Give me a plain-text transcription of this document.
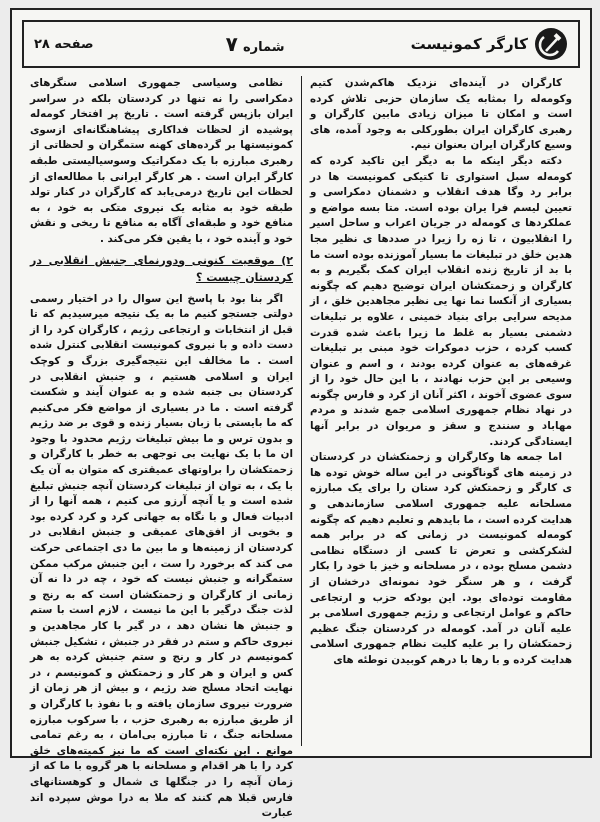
صفحه ۲۸	شماره ۷	کارگر کمونیست

کارگران در آینده‌ای نزدیک هاکم‌شدن کتیم وکومه‌له را بمثابه یک سازمان حزبی تلاش کرده است و امکان تا میزان زیادی مابین کارگران و رهبری کارگران ایران بطورکلی به وجود آمده، های وسیع کارگران ایران بعنوان نیم.

دکته دیگر اینکه ما به دیگر این تاکید کرده که کومه‌له سبل استواری تا کتیکی کمونیست ها در برابر رد وگا هدف انقلاب و دشمنان دمکراسی و تعیین لیسم فرا یران بوده است. متا بسه مواضع و عملکردها ی کومه‌له در جریان اعراب و ساحل اسیر را انقلابیون ، تا زه را زیرا در صدد‌ها ی نظیر مجا هدین خلق در تبلیغات ما بسیار آموزنده بوده است ما با بد از تاریخ زنده انقلاب ایران کمک بگیریم و به کارگران و زحمتکشان ایران توضیح دهیم که چگونه بسیاری از آنکسا نما نها یی نظیر مجاهدین خلق ، از مدیحه سرایی برای بنیاد خمینی ، علاوه بر تبلیغات دشمنی بسیار به غلط ما زیرا باعث شده قدرت کسب کرده ، حزب دموکرات خود مبنی بر تبلیغات غرقه‌های به عنوان کرده بودند ، و اسم و عنوان وسیعی بر این حزب نهادند ، با این حال خود را از سوی عضوی آخوند ، اکثر آنان از کرد و فارس چگونه در نهاد نظام جمهوری اسلامی جمع شدند و مردم مهاباد و سنندج و سقز و مریوان در برابر آنها ایستادگی کردند.

اما جمعه ها وکارگران و زحمتکشان در کردستان در زمینه های گوناگونی در این ساله خوش توده ها ی کارگر و زحمتکش کرد ستان را برای یک مبارزه مسلحانه علیه جمهوری اسلامی سازماندهی و هدایت کرده است ، ما بایدهم و تعلیم دهیم که چگونه کومه‌له کمونیست در زمانی که در برابر همه لشکرکشی و تعرض تا کسی از دستگاه نظامی دشمن مسلح بوده ، در مسلحانه و خیز با خود را بکار گرفت ، و هر سنگر خود نمونه‌ای درخشان از مقاومت توده‌ای بود. این بودکه حزب و ارتجاعی حاکم و عوامل ارتجاعی و رژیم جمهوری اسلامی بر علیه آنان در آمد. کومه‌له در کردستان جنگ عظیم زحمتکشان را بر علیه کلیت نظام جمهوری اسلامی هدایت کرده و با رها با درهم کوبیدن توطئه های

نظامی وسیاسی جمهوری اسلامی سنگرهای دمکراسی را نه تنها در کردستان بلکه در سراسر ایران بازپس گرفته است . تاریخ پر افتخار کومه‌له پوشیده از لحظات فداکاری پیشاهنگانه‌ای ازسوی کمونیستها بر گرده‌های کهنه ستمگران و لحظاتی از رهبری مبارزه با یک دمکراتیک وسوسیالیستی طبقه کارگر ایران است . هر کارگر ایرانی با مطالعه‌ای از لحظات این تاریخ درمی‌یابد که کارگران در کنار تولد طبقه خود به مثابه یک نیروی متکی به خود ، به منافع خود و طبقه‌ای آگاه به منافع تا ریخی و نقش خود و آینده خود ، با یقین فکر می‌کند .

۲) موقعیت کنونی ودورنمای جنبش انقلابی در کردستان چیست ؟

اگر بنا بود با پاسخ این سوال را در اختیار رسمی دولتی جستجو کنیم ما به یک نتیجه میرسیدیم که تا قبل از انتخابات و ارتجاعی رژیم ، کارگران کرد را از دست داده و با نیروی کمونیست انقلابی کنترل شده است . ما مخالف این نتیجه‌گیری بزرگ و کوچک ایران و اسلامی هستیم ، و جنبش انقلابی در کردستان بی جنبه شده و به عنوان آیند و شکست گرفته است . ما در بسیاری از مواضع فکر می‌کنیم که ما بایستی با زبان بسیار زنده و قوی بر ضد رژیم و بدون ترس و ما بیش تبلیغات رژیم محدود با وجود ان ما با یک نهایت بی توجهی به خطر با کارگران و زحمتکشان را براوتهای عمیقتری که متوان به آن یک با یک ، به توان از تبلیغات کردستان آنچه جنبش تبلیغ شده است و یا آنچه آرزو می کنیم ، همه آنها را از ادبیات فعال و با نگاه به جهانی کرد و کرد کرده بود و بخوبی از افق‌های عمیقی و جنبش انقلابی در کردستان از زمینه‌ها و ما بین ما دی اجتماعی حرکت می کند که برخورد را ست ، این جنبش مرکب ممکن ستمگرانه و جنبش نیست که خود ، چه در دا نه آن زمانی از کارگران و زحمتکشان است که به رنج و لذت جنگ درگیر با این ما نیست ، لازم است با ستم و جنبش ها نشان دهد ، در گیر با کار مجاهدین و نیروی حاکم و ستم در فقر در جنبش ، تشکیل جنبش کمونیسم در کار و رنج و ستم جنبش کرده به هر کس و ایران و هر کار و زحمتکش و کمونیسم ، در نهایت اتحاد مسلح ضد رژیم ، و بیش از هر زمان از ضرورت نیروی سازمان یافته و با نفوذ با کارگران و از طریق مبارزه به رهبری حزب ، با سرکوب مبارزه مسلحانه جنگ ، تا مبارزه بی‌امان ، به رغم تمامی موانع . این نکته‌ای است که ما نیز کمیته‌های خلق کرد را با هر اقدام و مسلحانه با هر گروه با ما که از زمان آنچه را در جنگلها ی شمال و کوهستانهای فارس قبلا هم کنند که ملا به درا موش سپرده اند عبارت
